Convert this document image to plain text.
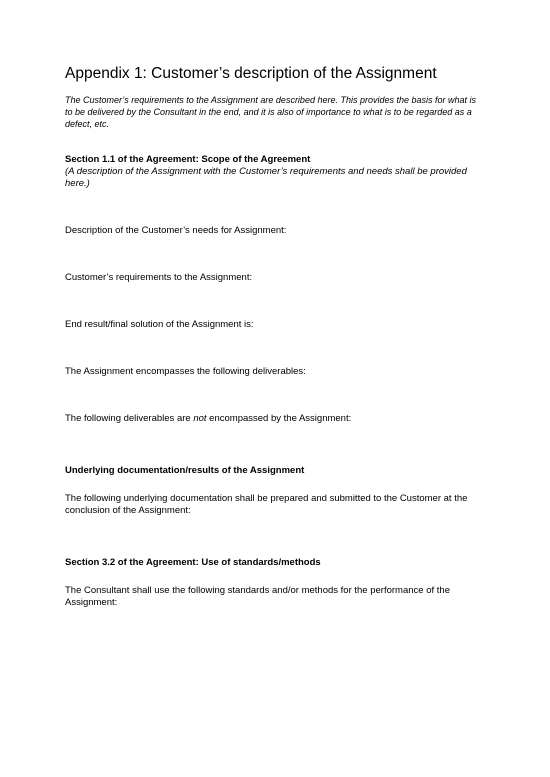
Appendix 1: Customer’s description of the Assignment

The Customer’s requirements to the Assignment are described here. This provides the basis for what is to be delivered by the Consultant in the end, and it is also of importance to what is to be regarded as a defect, etc.

Section 1.1 of the Agreement: Scope of the Agreement

(A description of the Assignment with the Customer’s requirements and needs shall be provided here.)

Description of the Customer’s needs for Assignment:

Customer’s requirements to the Assignment:

End result/final solution of the Assignment is:

The Assignment encompasses the following deliverables:

The following deliverables are not encompassed by the Assignment:

Underlying documentation/results of the Assignment

The following underlying documentation shall be prepared and submitted to the Customer at the conclusion of the Assignment:

Section 3.2 of the Agreement: Use of standards/methods

The Consultant shall use the following standards and/or methods for the performance of the Assignment:
